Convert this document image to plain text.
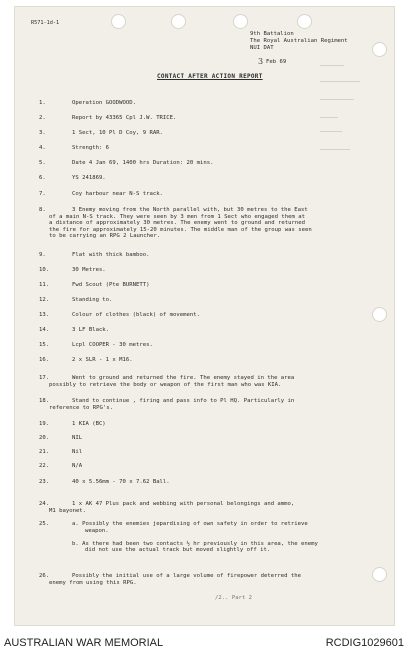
R571-1d-1
9th Battalion
The Royal Australian Regiment
NUI DAT
3 Feb 69
CONTACT AFTER ACTION REPORT
1.	Operation GOODWOOD.
2.	Report by 43365 Cpl J.W. TRICE.
3.	1 Sect, 10 Pl D Coy, 9 RAR.
4.	Strength: 6
5.	Date 4 Jan 69, 1400 hrs Duration: 20 mins.
6.	YS 241869.
7.	Coy harbour near N-S track.
8.	3 Enemy moving from the North parallel with, but 30 metres to the East
of a main N-S track. They were seen by 3 men from 1 Sect who engaged them at
a distance of approximately 30 metres. The enemy went to ground and returned
the fire for approximately 15-20 minutes. The middle man of the group was seen
to be carrying an RPG 2 Launcher.
9.	Flat with thick bamboo.
10.	30 Metres.
11.	Fwd Scout (Pte BURNETT)
12.	Standing to.
13.	Colour of clothes (black) of movement.
14.	3 LF Black.
15.	Lcpl COOPER - 30 metres.
16.	2 x SLR - 1 x M16.
17.	Went to ground and returned the fire. The enemy stayed in the area
possibly to retrieve the body or weapon of the first man who was KIA.
18.	Stand to continue , firing and pass info to Pl HQ. Particularly in
reference to RPG's.
19.	1 KIA (BC)
20.	NIL
21.	Nil
22.	N/A
23.	40 x 5.56mm - 70 x 7.62 Ball.
24.	1 x AK 47 Plus pack and webbing with personal belongings and ammo,
M1 bayonet.
25.	a. Possibly the enemies jepardising of own safety in order to retrieve
weapon.
b. As there had been two contacts ½ hr previously in this area, the enemy
did not use the actual track but moved slightly off it.
26.	Possibly the initial use of a large volume of firepower deterred the
enemy from using this RPG.
/2.. Part 2
AUSTRALIAN WAR MEMORIAL	RCDIG1029601
